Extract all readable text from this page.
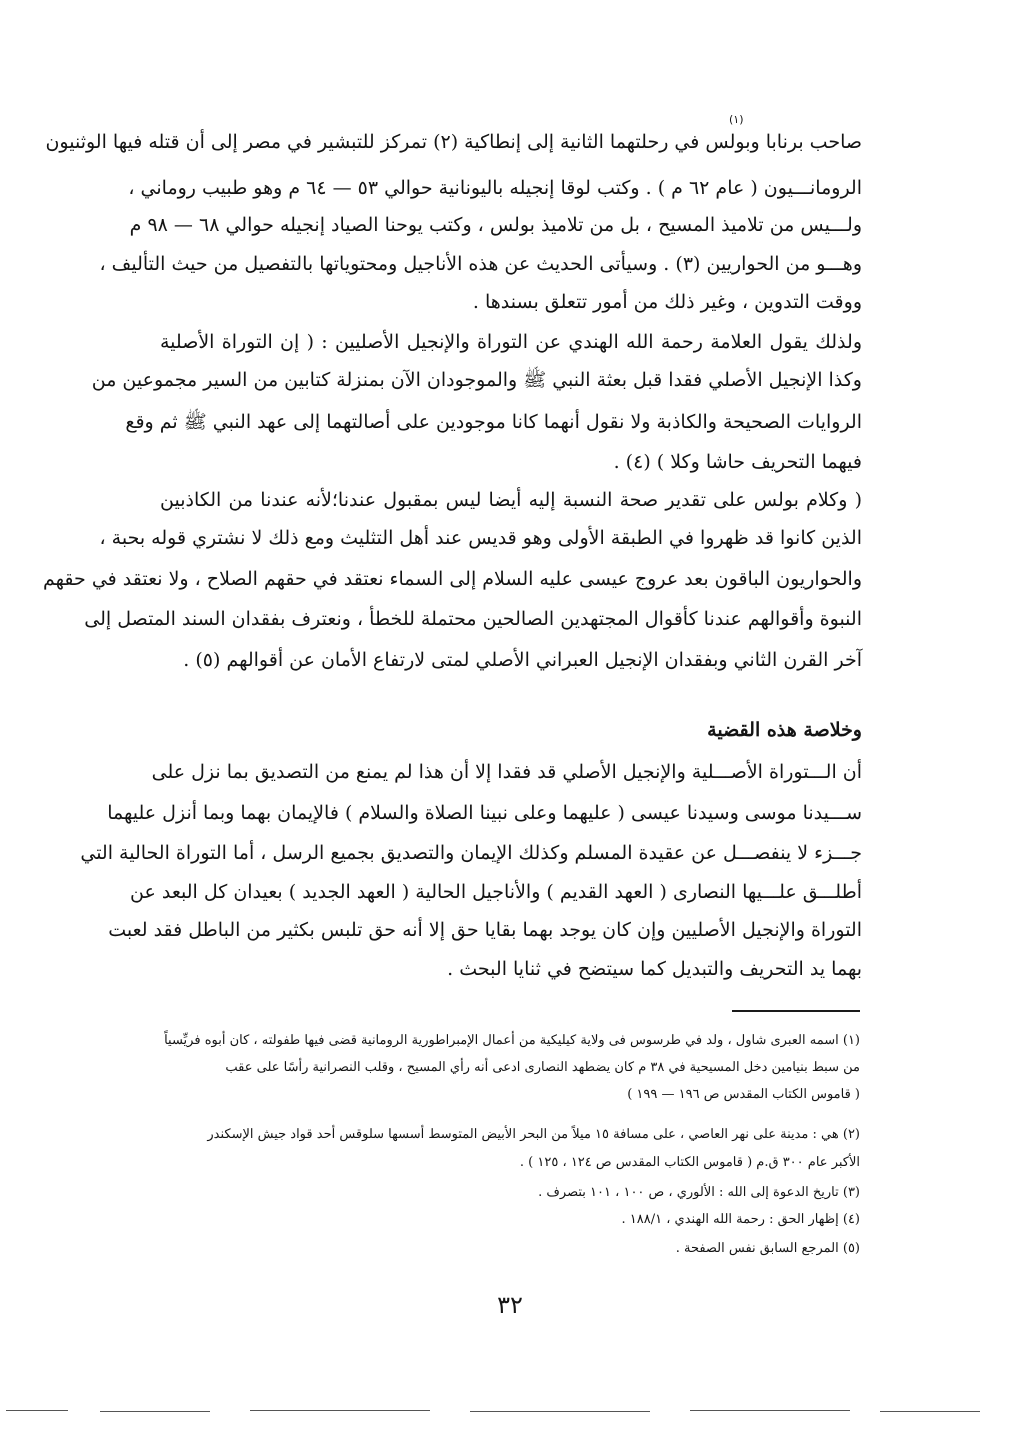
(١)
صاحب برنابا وبولس في رحلتهما الثانية إلى إنطاكية (٢) تمركز للتبشير في مصر إلى أن قتله فيها الوثنيون
الرومانـــيون ( عام ٦٢ م ) . وكتب لوقا إنجيله باليونانية حوالي ٥٣ — ٦٤ م وهو طبيب روماني ،
ولـــيس من تلاميذ المسيح ، بل من تلاميذ بولس ، وكتب يوحنا الصياد إنجيله حوالي ٦٨ — ٩٨ م
وهـــو من الحواريين (٣) . وسيأتى الحديث عن هذه الأناجيل ومحتوياتها بالتفصيل من حيث التأليف ،
ووقت التدوين ، وغير ذلك من أمور تتعلق بسندها .
ولذلك يقول العلامة رحمة الله الهندي عن التوراة والإنجيل الأصليين : ( إن التوراة الأصلية
وكذا الإنجيل الأصلي فقدا قبل بعثة النبي ﷺ والموجودان الآن بمنزلة كتابين من السير مجموعين من
الروايات الصحيحة والكاذبة ولا نقول أنهما كانا موجودين على أصالتهما إلى عهد النبي ﷺ ثم وقع
فيهما التحريف حاشا وكلا ) (٤) .
( وكلام بولس على تقدير صحة النسبة إليه أيضا ليس بمقبول عندنا؛لأنه عندنا من الكاذبين
الذين كانوا قد ظهروا في الطبقة الأولى وهو قديس عند أهل التثليث ومع ذلك لا نشتري قوله بحبة ،
والحواريون الباقون بعد عروج عيسى عليه السلام إلى السماء نعتقد في حقهم الصلاح ، ولا نعتقد في حقهم
النبوة وأقوالهم عندنا كأقوال المجتهدين الصالحين محتملة للخطأ ، ونعترف بفقدان السند المتصل إلى
آخر القرن الثاني وبفقدان الإنجيل العبراني الأصلي لمتى لارتفاع الأمان عن أقوالهم (٥) .
وخلاصة هذه القضية
أن الـــتوراة الأصـــلية والإنجيل الأصلي قد فقدا إلا أن هذا لم يمنع من التصديق بما نزل على
ســـيدنا موسى وسيدنا عيسى ( عليهما وعلى نبينا الصلاة والسلام ) فالإيمان بهما وبما أنزل عليهما
جـــزء لا ينفصـــل عن عقيدة المسلم وكذلك الإيمان والتصديق بجميع الرسل ، أما التوراة الحالية التي
أطلـــق علـــيها النصارى ( العهد القديم ) والأناجيل الحالية ( العهد الجديد ) بعيدان كل البعد عن
التوراة والإنجيل الأصليين وإن كان يوجد بهما بقايا حق إلا أنه حق تلبس بكثير من الباطل فقد لعبت
بهما يد التحريف والتبديل كما سيتضح في ثنايا البحث .
(١) اسمه العبرى شاول ، ولد في طرسوس فى ولاية كيليكية من أعمال الإمبراطورية الرومانية قضى فيها طفولته ، كان أبوه فريِّسياً
من سبط بنيامين دخل المسيحية في ٣٨ م كان يضطهد النصارى ادعى أنه رأي المسيح ، وقلب النصرانية رأسًا على عقب
( قاموس الكتاب المقدس ص ١٩٦ — ١٩٩ )
(٢) هي : مدينة على نهر العاصي ، على مسافة ١٥ ميلاً من البحر الأبيض المتوسط أسسها سلوقس أحد قواد جيش الإسكندر
الأكبر عام ٣٠٠ ق.م ( قاموس الكتاب المقدس ص ١٢٤ ، ١٢٥ ) .
(٣) تاريخ الدعوة إلى الله : الألوري ، ص ١٠٠ ، ١٠١ بتصرف .
(٤) إظهار الحق : رحمة الله الهندي ، ١٨٨/١ .
(٥) المرجع السابق نفس الصفحة .
٣٢
